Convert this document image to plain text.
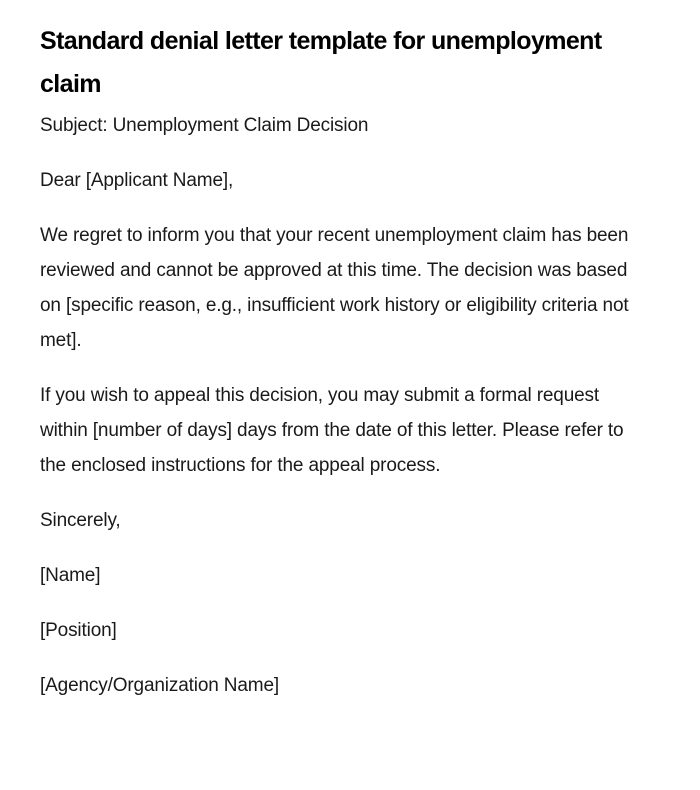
Standard denial letter template for unemployment claim

Subject: Unemployment Claim Decision

Dear [Applicant Name],

We regret to inform you that your recent unemployment claim has been reviewed and cannot be approved at this time. The decision was based on [specific reason, e.g., insufficient work history or eligibility criteria not met].

If you wish to appeal this decision, you may submit a formal request within [number of days] days from the date of this letter. Please refer to the enclosed instructions for the appeal process.

Sincerely,

[Name]

[Position]

[Agency/Organization Name]
